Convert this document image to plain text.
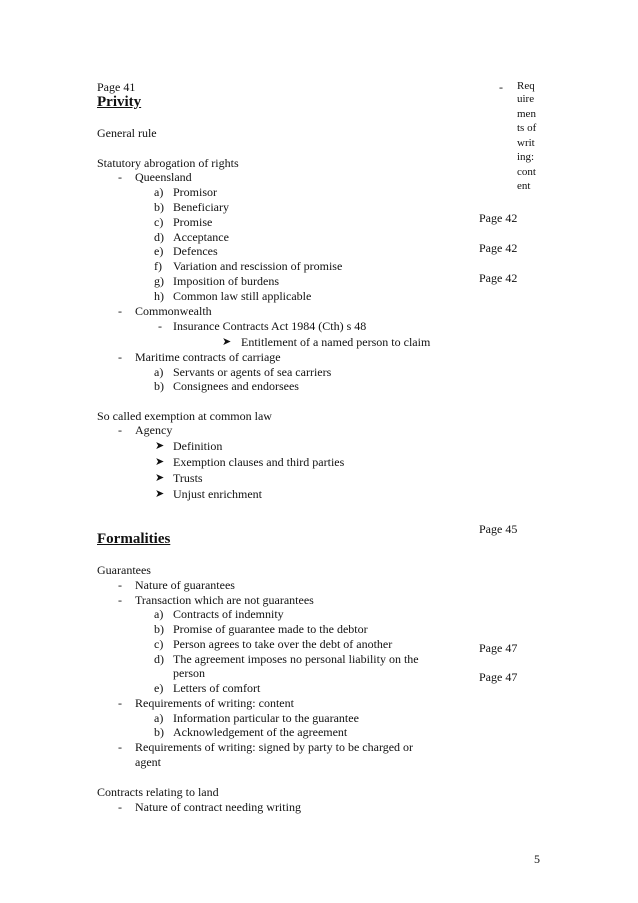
Page 41
Privity
General rule
Statutory abrogation of rights
- Queensland
a) Promisor
b) Beneficiary
c) Promise
d) Acceptance
e) Defences
f) Variation and rescission of promise
g) Imposition of burdens
h) Common law still applicable
- Commonwealth
- Insurance Contracts Act 1984 (Cth) s 48
➤ Entitlement of a named person to claim
- Maritime contracts of carriage
a) Servants or agents of sea carriers
b) Consignees and endorsees
So called exemption at common law
- Agency
➤ Definition
➤ Exemption clauses and third parties
➤ Trusts
➤ Unjust enrichment
Formalities
Guarantees
- Nature of guarantees
- Transaction which are not guarantees
a) Contracts of indemnity
b) Promise of guarantee made to the debtor
c) Person agrees to take over the debt of another
d) The agreement imposes no personal liability on the
person
e) Letters of comfort
- Requirements of writing: content
a) Information particular to the guarantee
b) Acknowledgement of the agreement
- Requirements of writing: signed by party to be charged or
agent
Contracts relating to land
- Nature of contract needing writing
- Req
uire
men
ts of
writ
ing:
cont
ent
Page 42
Page 42
Page 42
Page 45
Page 47
Page 47
5
